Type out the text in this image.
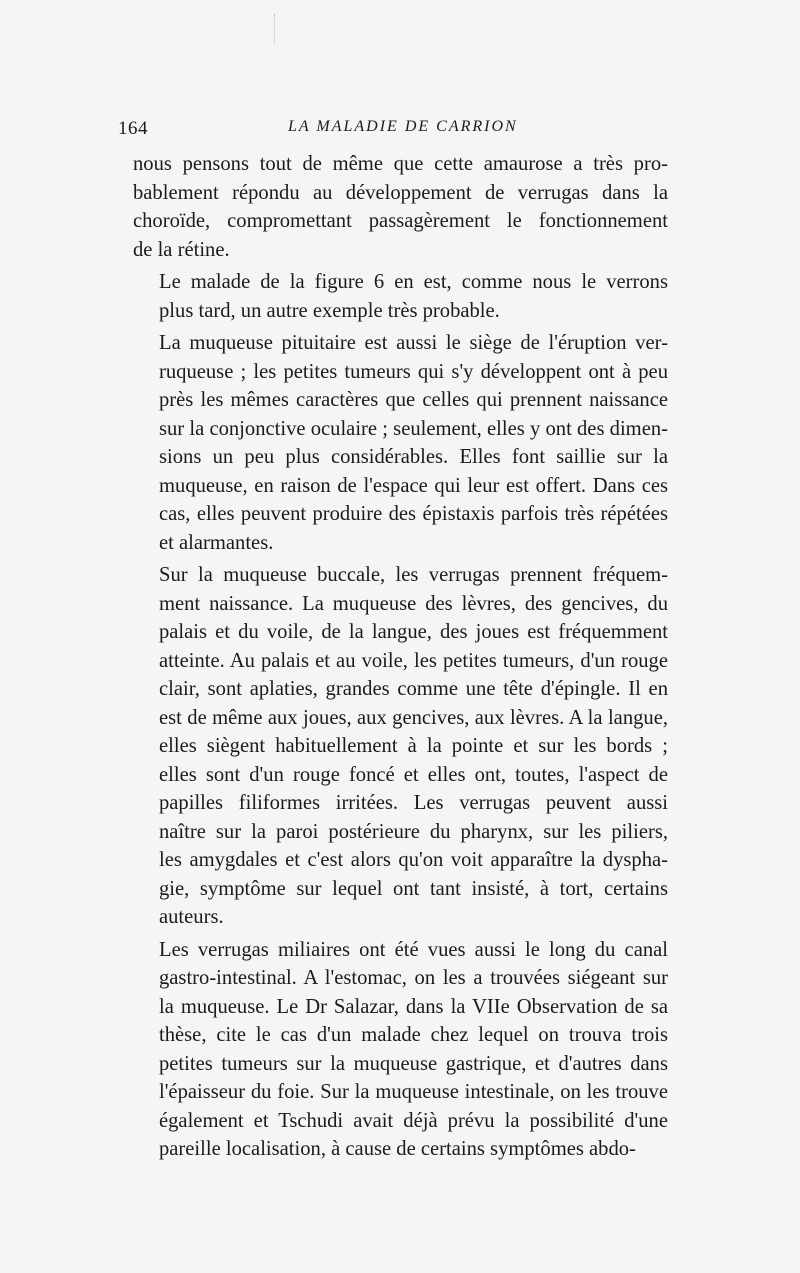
164	LA MALADIE DE CARRION

nous pensons tout de même que cette amaurose a très pro-
bablement répondu au développement de verrugas dans la
choroïde, compromettant passagèrement le fonctionnement
de la rétine.

Le malade de la figure 6 en est, comme nous le verrons
plus tard, un autre exemple très probable.

La muqueuse pituitaire est aussi le siège de l'éruption ver-
ruqueuse ; les petites tumeurs qui s'y développent ont à peu
près les mêmes caractères que celles qui prennent naissance
sur la conjonctive oculaire ; seulement, elles y ont des dimen-
sions un peu plus considérables. Elles font saillie sur la
muqueuse, en raison de l'espace qui leur est offert. Dans ces
cas, elles peuvent produire des épistaxis parfois très répétées
et alarmantes.

Sur la muqueuse buccale, les verrugas prennent fréquem-
ment naissance. La muqueuse des lèvres, des gencives, du
palais et du voile, de la langue, des joues est fréquemment
atteinte. Au palais et au voile, les petites tumeurs, d'un rouge
clair, sont aplaties, grandes comme une tête d'épingle. Il en
est de même aux joues, aux gencives, aux lèvres. A la langue,
elles siègent habituellement à la pointe et sur les bords ;
elles sont d'un rouge foncé et elles ont, toutes, l'aspect de
papilles filiformes irritées. Les verrugas peuvent aussi
naître sur la paroi postérieure du pharynx, sur les piliers,
les amygdales et c'est alors qu'on voit apparaître la dyspha-
gie, symptôme sur lequel ont tant insisté, à tort, certains
auteurs.

Les verrugas miliaires ont été vues aussi le long du canal
gastro-intestinal. A l'estomac, on les a trouvées siégeant sur
la muqueuse. Le Dr Salazar, dans la VIIe Observation de sa
thèse, cite le cas d'un malade chez lequel on trouva trois
petites tumeurs sur la muqueuse gastrique, et d'autres dans
l'épaisseur du foie. Sur la muqueuse intestinale, on les trouve
également et Tschudi avait déjà prévu la possibilité d'une
pareille localisation, à cause de certains symptômes abdo-
